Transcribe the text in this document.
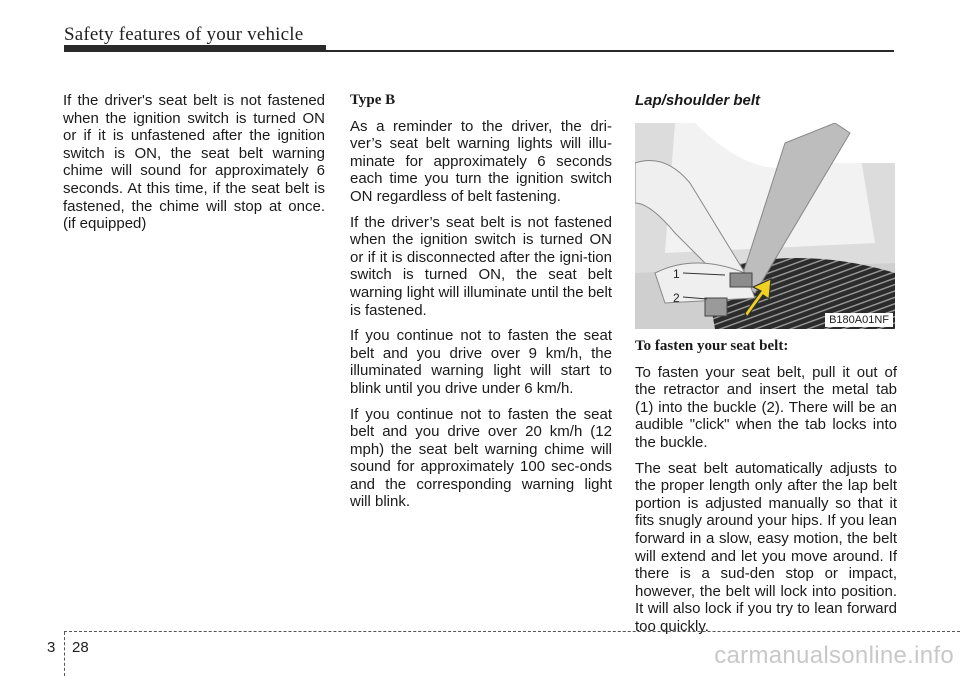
Safety features of your vehicle

If the driver's seat belt is not fastened when the ignition switch is turned ON or if it is unfastened after the ignition switch is ON, the seat belt warning chime will sound for approximately 6 seconds. At this time, if the seat belt is fastened, the chime will stop at once. (if equipped)

Type B

As a reminder to the driver, the dri-ver’s seat belt warning lights will illu-minate for approximately 6 seconds each time you turn the ignition switch ON regardless of belt fastening.

If the driver’s seat belt is not fastened when the ignition switch is turned ON or if it is disconnected after the igni-tion switch is turned ON, the seat belt warning light will illuminate until the belt is fastened.

If you continue not to fasten the seat belt and you drive over 9 km/h, the illuminated warning light will start to blink until you drive under 6 km/h.

If you continue not to fasten the seat belt and you drive over 20 km/h (12 mph) the seat belt warning chime will sound for approximately 100 sec-onds and the corresponding warning light will blink.

Lap/shoulder belt
1
2
B180A01NF
To fasten your seat belt:

To fasten your seat belt, pull it out of the retractor and insert the metal tab (1) into the buckle (2). There will be an audible "click" when the tab locks into the buckle.

The seat belt automatically adjusts to the proper length only after the lap belt portion is adjusted manually so that it fits snugly around your hips. If you lean forward in a slow, easy motion, the belt will extend and let you move around. If there is a sud-den stop or impact, however, the belt will lock into position. It will also lock if you try to lean forward too quickly.

3 28	carmanualsonline.info
